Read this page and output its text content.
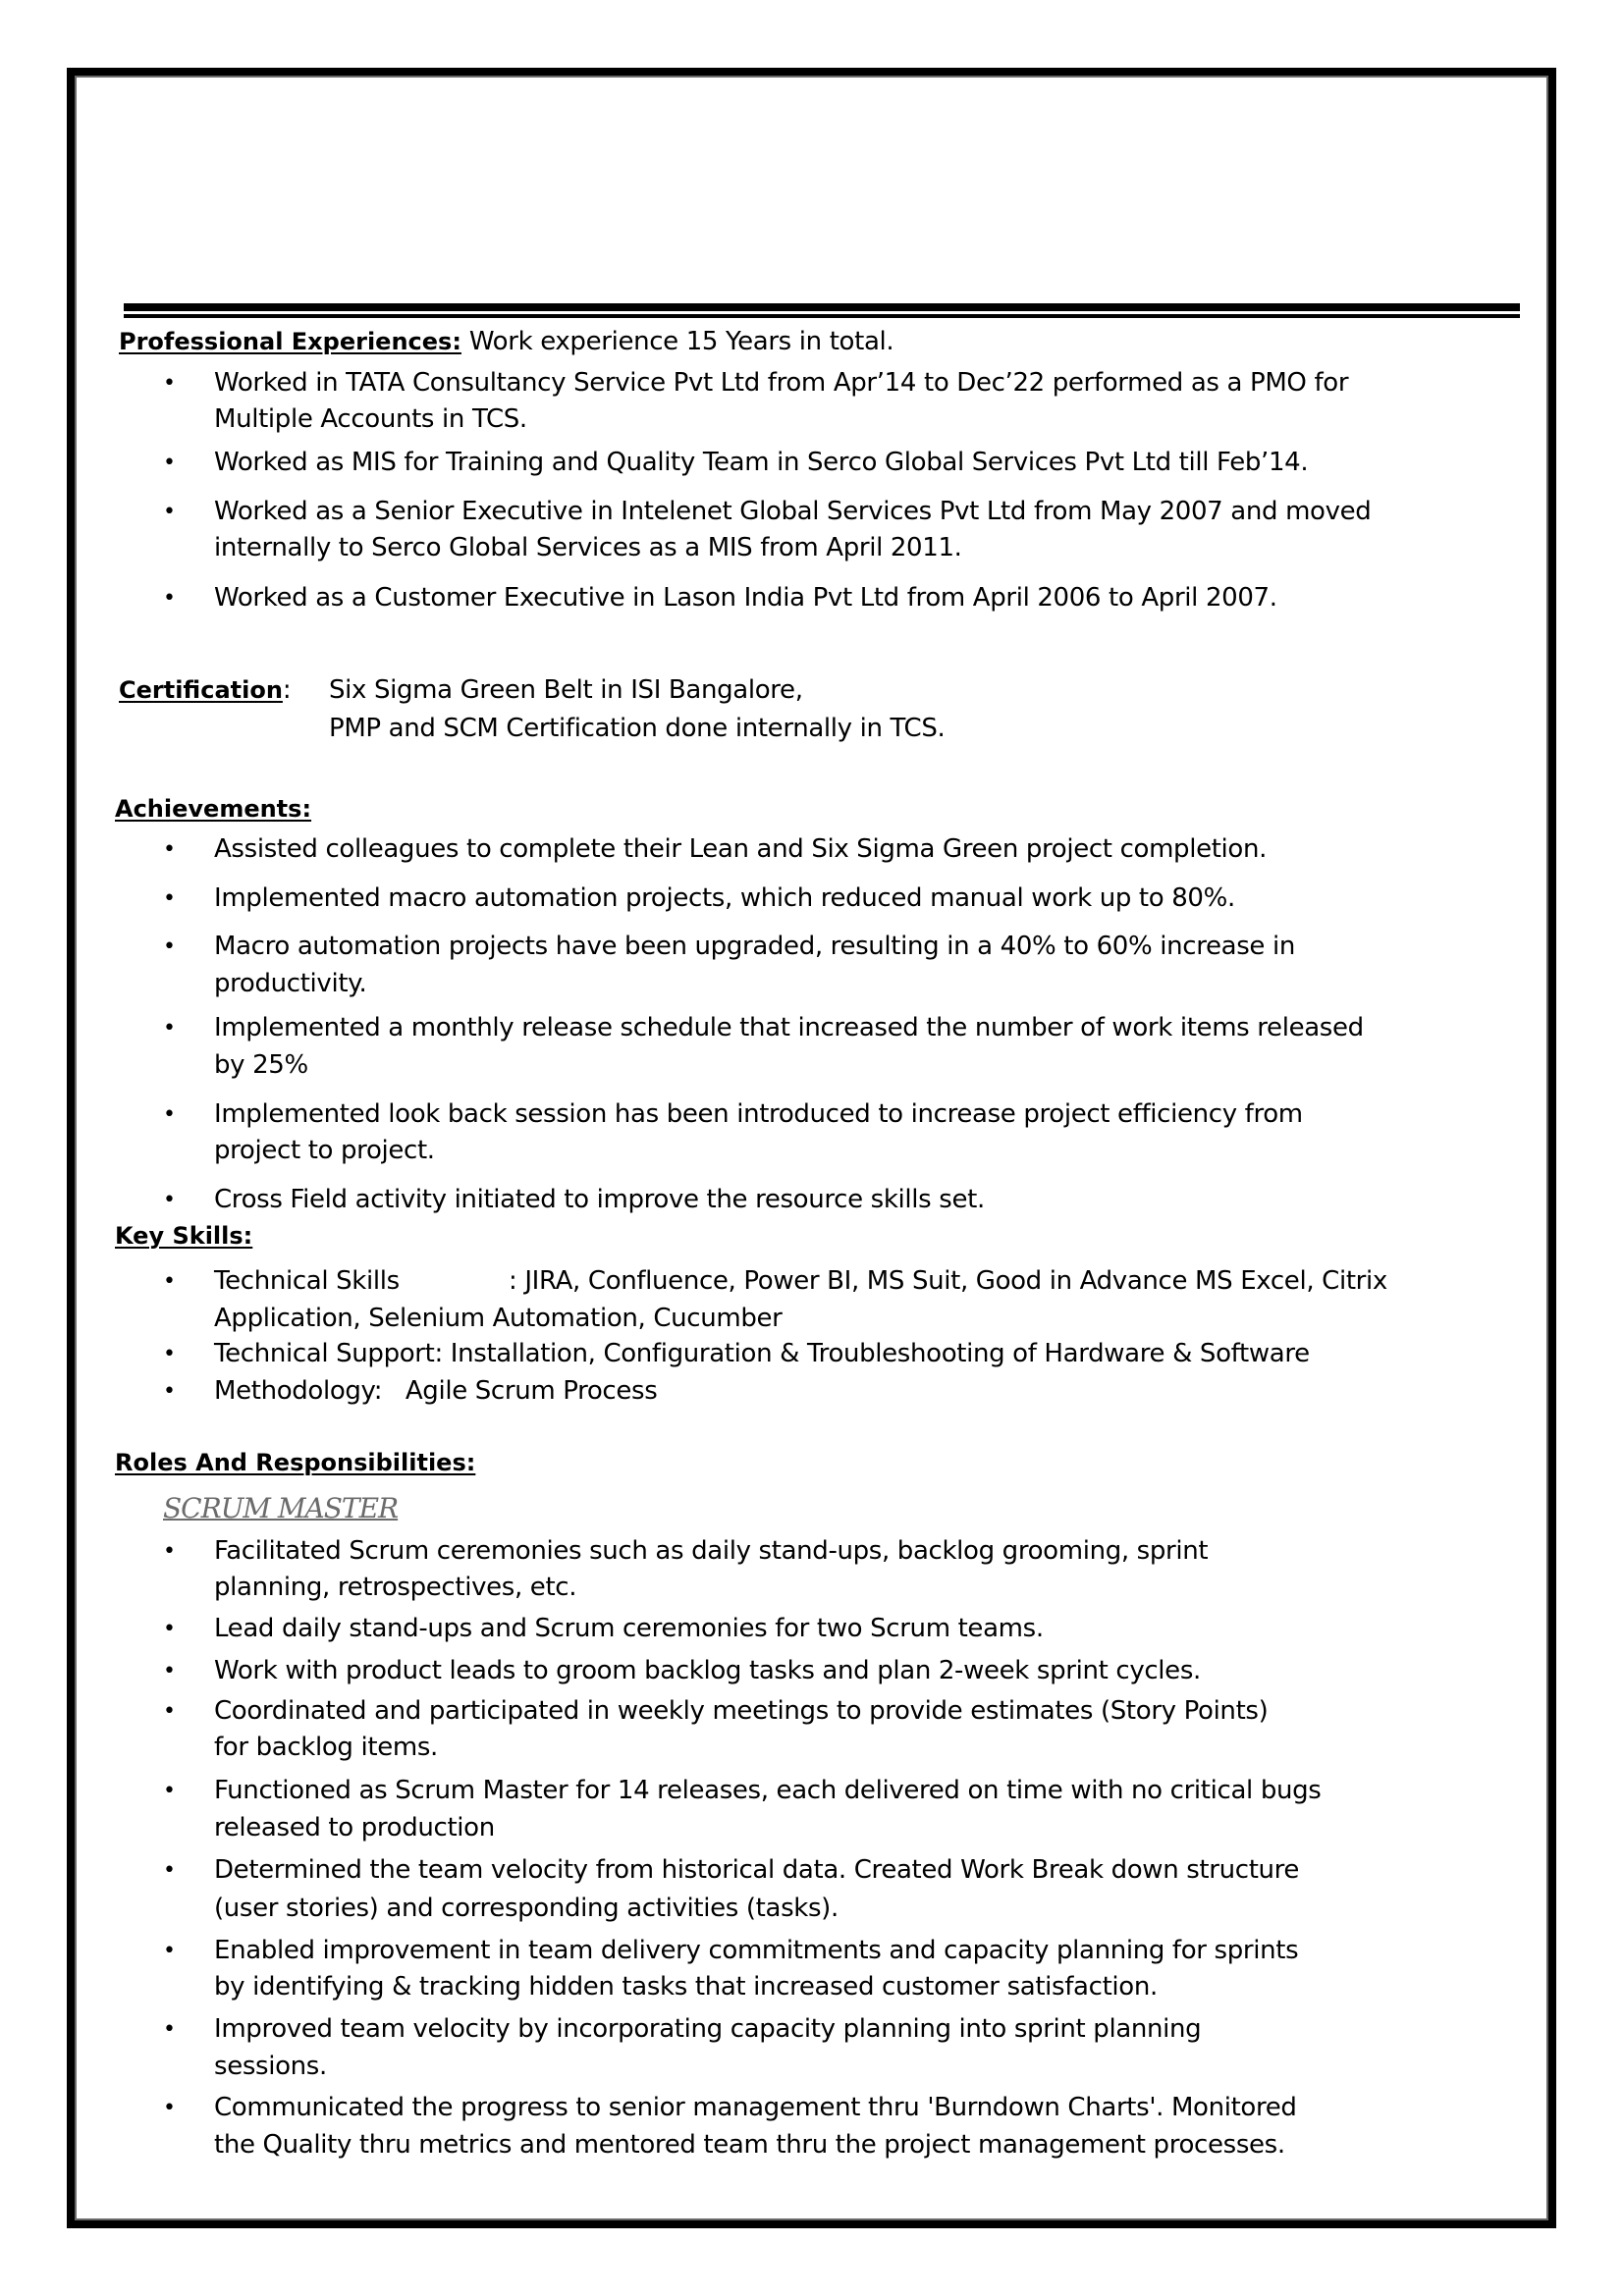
Professional Experiences: Work experience 15 Years in total.
• Worked in TATA Consultancy Service Pvt Ltd from Apr’14 to Dec’22 performed as a PMO for
Multiple Accounts in TCS.
• Worked as MIS for Training and Quality Team in Serco Global Services Pvt Ltd till Feb’14.
• Worked as a Senior Executive in Intelenet Global Services Pvt Ltd from May 2007 and moved
internally to Serco Global Services as a MIS from April 2011.
• Worked as a Customer Executive in Lason India Pvt Ltd from April 2006 to April 2007.
Certification: Six Sigma Green Belt in ISI Bangalore,
PMP and SCM Certification done internally in TCS.
Achievements:
• Assisted colleagues to complete their Lean and Six Sigma Green project completion.
• Implemented macro automation projects, which reduced manual work up to 80%.
• Macro automation projects have been upgraded, resulting in a 40% to 60% increase in
productivity.
• Implemented a monthly release schedule that increased the number of work items released
by 25%
• Implemented look back session has been introduced to increase project efficiency from
project to project.
• Cross Field activity initiated to improve the resource skills set.
Key Skills:
• Technical Skills	: JIRA, Confluence, Power BI, MS Suit, Good in Advance MS Excel, Citrix
Application, Selenium Automation, Cucumber
• Technical Support: Installation, Configuration & Troubleshooting of Hardware & Software
• Methodology:   Agile Scrum Process
Roles And Responsibilities:
SCRUM MASTER
• Facilitated Scrum ceremonies such as daily stand-ups, backlog grooming, sprint
planning, retrospectives, etc.
• Lead daily stand-ups and Scrum ceremonies for two Scrum teams.
• Work with product leads to groom backlog tasks and plan 2-week sprint cycles.
• Coordinated and participated in weekly meetings to provide estimates (Story Points)
for backlog items.
• Functioned as Scrum Master for 14 releases, each delivered on time with no critical bugs
released to production
• Determined the team velocity from historical data. Created Work Break down structure
(user stories) and corresponding activities (tasks).
• Enabled improvement in team delivery commitments and capacity planning for sprints
by identifying & tracking hidden tasks that increased customer satisfaction.
• Improved team velocity by incorporating capacity planning into sprint planning
sessions.
• Communicated the progress to senior management thru 'Burndown Charts'. Monitored
the Quality thru metrics and mentored team thru the project management processes.
